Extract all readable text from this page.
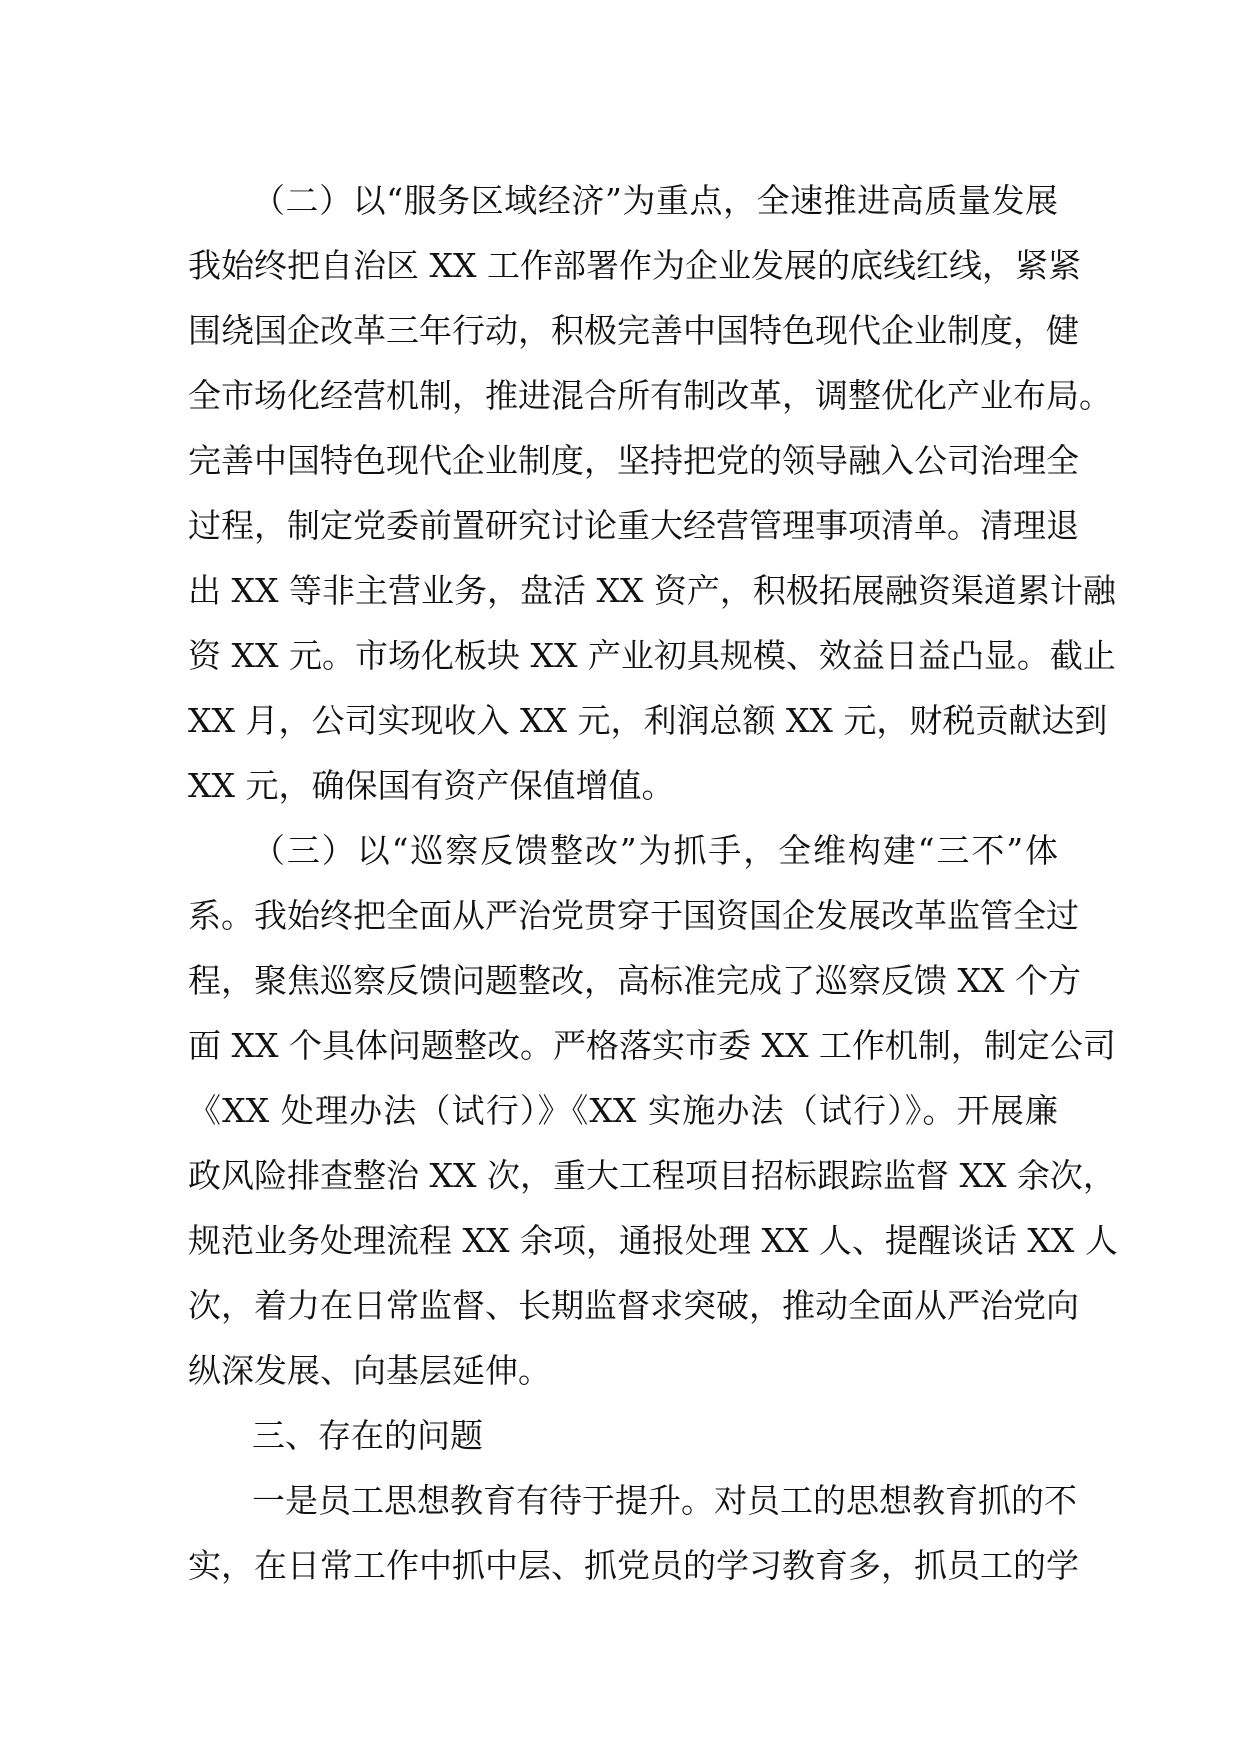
（二）以“服务区域经济”为重点，全速推进高质量发展
我始终把自治区 XX 工作部署作为企业发展的底线红线，紧紧
围绕国企改革三年行动，积极完善中国特色现代企业制度，健
全市场化经营机制，推进混合所有制改革，调整优化产业布局。
完善中国特色现代企业制度，坚持把党的领导融入公司治理全
过程，制定党委前置研究讨论重大经营管理事项清单。清理退
出 XX 等非主营业务，盘活 XX 资产，积极拓展融资渠道累计融
资 XX 元。市场化板块 XX 产业初具规模、效益日益凸显。截止
XX 月，公司实现收入 XX 元，利润总额 XX 元，财税贡献达到
XX 元，确保国有资产保值增值。
（三）以“巡察反馈整改”为抓手，全维构建“三不”体
系。我始终把全面从严治党贯穿于国资国企发展改革监管全过
程，聚焦巡察反馈问题整改，高标准完成了巡察反馈 XX 个方
面 XX 个具体问题整改。严格落实市委 XX 工作机制，制定公司
《XX 处理办法（试行）》《XX 实施办法（试行）》。开展廉
政风险排查整治 XX 次，重大工程项目招标跟踪监督 XX 余次，
规范业务处理流程 XX 余项，通报处理 XX 人、提醒谈话 XX 人
次，着力在日常监督、长期监督求突破，推动全面从严治党向
纵深发展、向基层延伸。
三、存在的问题
一是员工思想教育有待于提升。对员工的思想教育抓的不
实，在日常工作中抓中层、抓党员的学习教育多，抓员工的学
